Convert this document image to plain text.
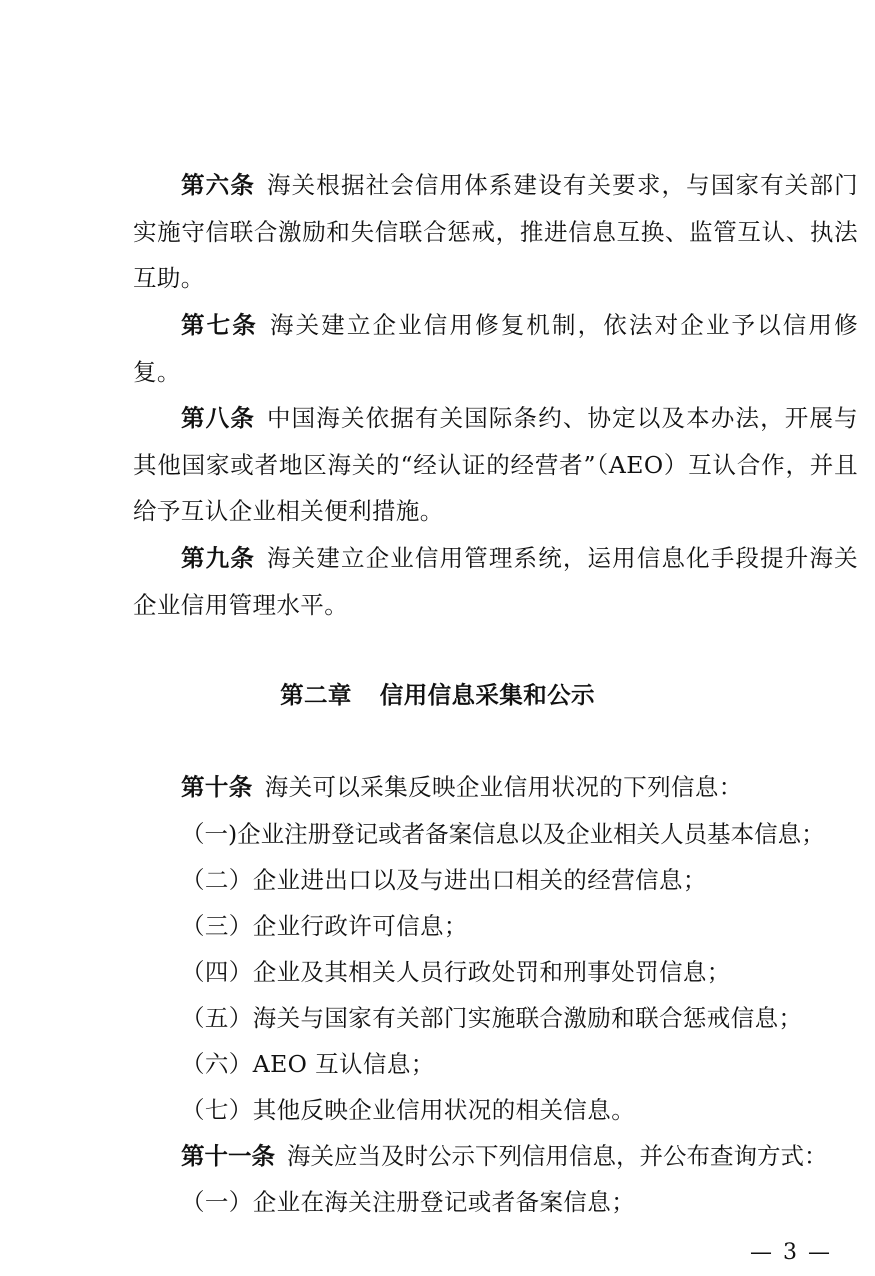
第六条 海关根据社会信用体系建设有关要求，与国家有关部门实施守信联合激励和失信联合惩戒，推进信息互换、监管互认、执法互助。

第七条 海关建立企业信用修复机制，依法对企业予以信用修复。

第八条 中国海关依据有关国际条约、协定以及本办法，开展与其他国家或者地区海关的“经认证的经营者”（AEO）互认合作，并且给予互认企业相关便利措施。

第九条 海关建立企业信用管理系统，运用信息化手段提升海关企业信用管理水平。

第二章 信用信息采集和公示

第十条 海关可以采集反映企业信用状况的下列信息：

（一)企业注册登记或者备案信息以及企业相关人员基本信息；

（二）企业进出口以及与进出口相关的经营信息；

（三）企业行政许可信息；

（四）企业及其相关人员行政处罚和刑事处罚信息；

（五）海关与国家有关部门实施联合激励和联合惩戒信息；

（六）AEO 互认信息；

（七）其他反映企业信用状况的相关信息。

第十一条 海关应当及时公示下列信用信息，并公布查询方式：

（一）企业在海关注册登记或者备案信息；

— 3 —
